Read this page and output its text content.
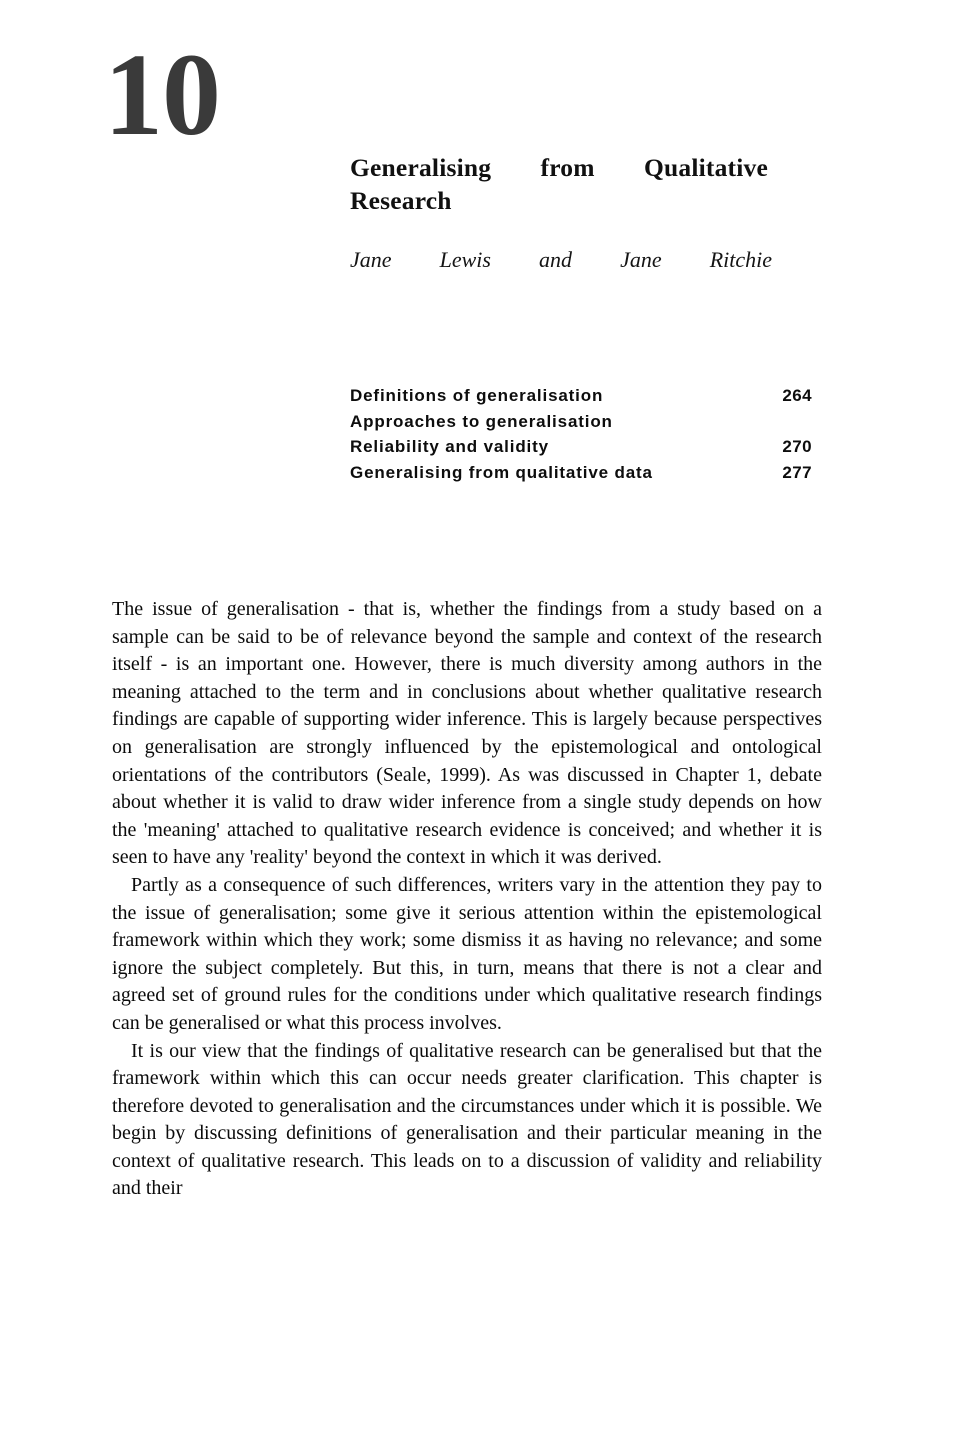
10
Generalising from Qualitative Research
Jane Lewis and Jane Ritchie
Definitions of generalisation	264
Approaches to generalisation
Reliability and validity	270
Generalising from qualitative data	277

The issue of generalisation - that is, whether the findings from a study based on a sample can be said to be of relevance beyond the sample and context of the research itself - is an important one. However, there is much diversity among authors in the meaning attached to the term and in conclusions about whether qualitative research findings are capable of supporting wider inference. This is largely because perspectives on generalisation are strongly influenced by the epistemological and ontological orientations of the contributors (Seale, 1999). As was discussed in Chapter 1, debate about whether it is valid to draw wider inference from a single study depends on how the 'meaning' attached to qualitative research evidence is conceived; and whether it is seen to have any 'reality' beyond the context in which it was derived.

Partly as a consequence of such differences, writers vary in the attention they pay to the issue of generalisation; some give it serious attention within the epistemological framework within which they work; some dismiss it as having no relevance; and some ignore the subject completely. But this, in turn, means that there is not a clear and agreed set of ground rules for the conditions under which qualitative research findings can be generalised or what this process involves.

It is our view that the findings of qualitative research can be generalised but that the framework within which this can occur needs greater clarification. This chapter is therefore devoted to generalisation and the circumstances under which it is possible. We begin by discussing definitions of generalisation and their particular meaning in the context of qualitative research. This leads on to a discussion of validity and reliability and their
